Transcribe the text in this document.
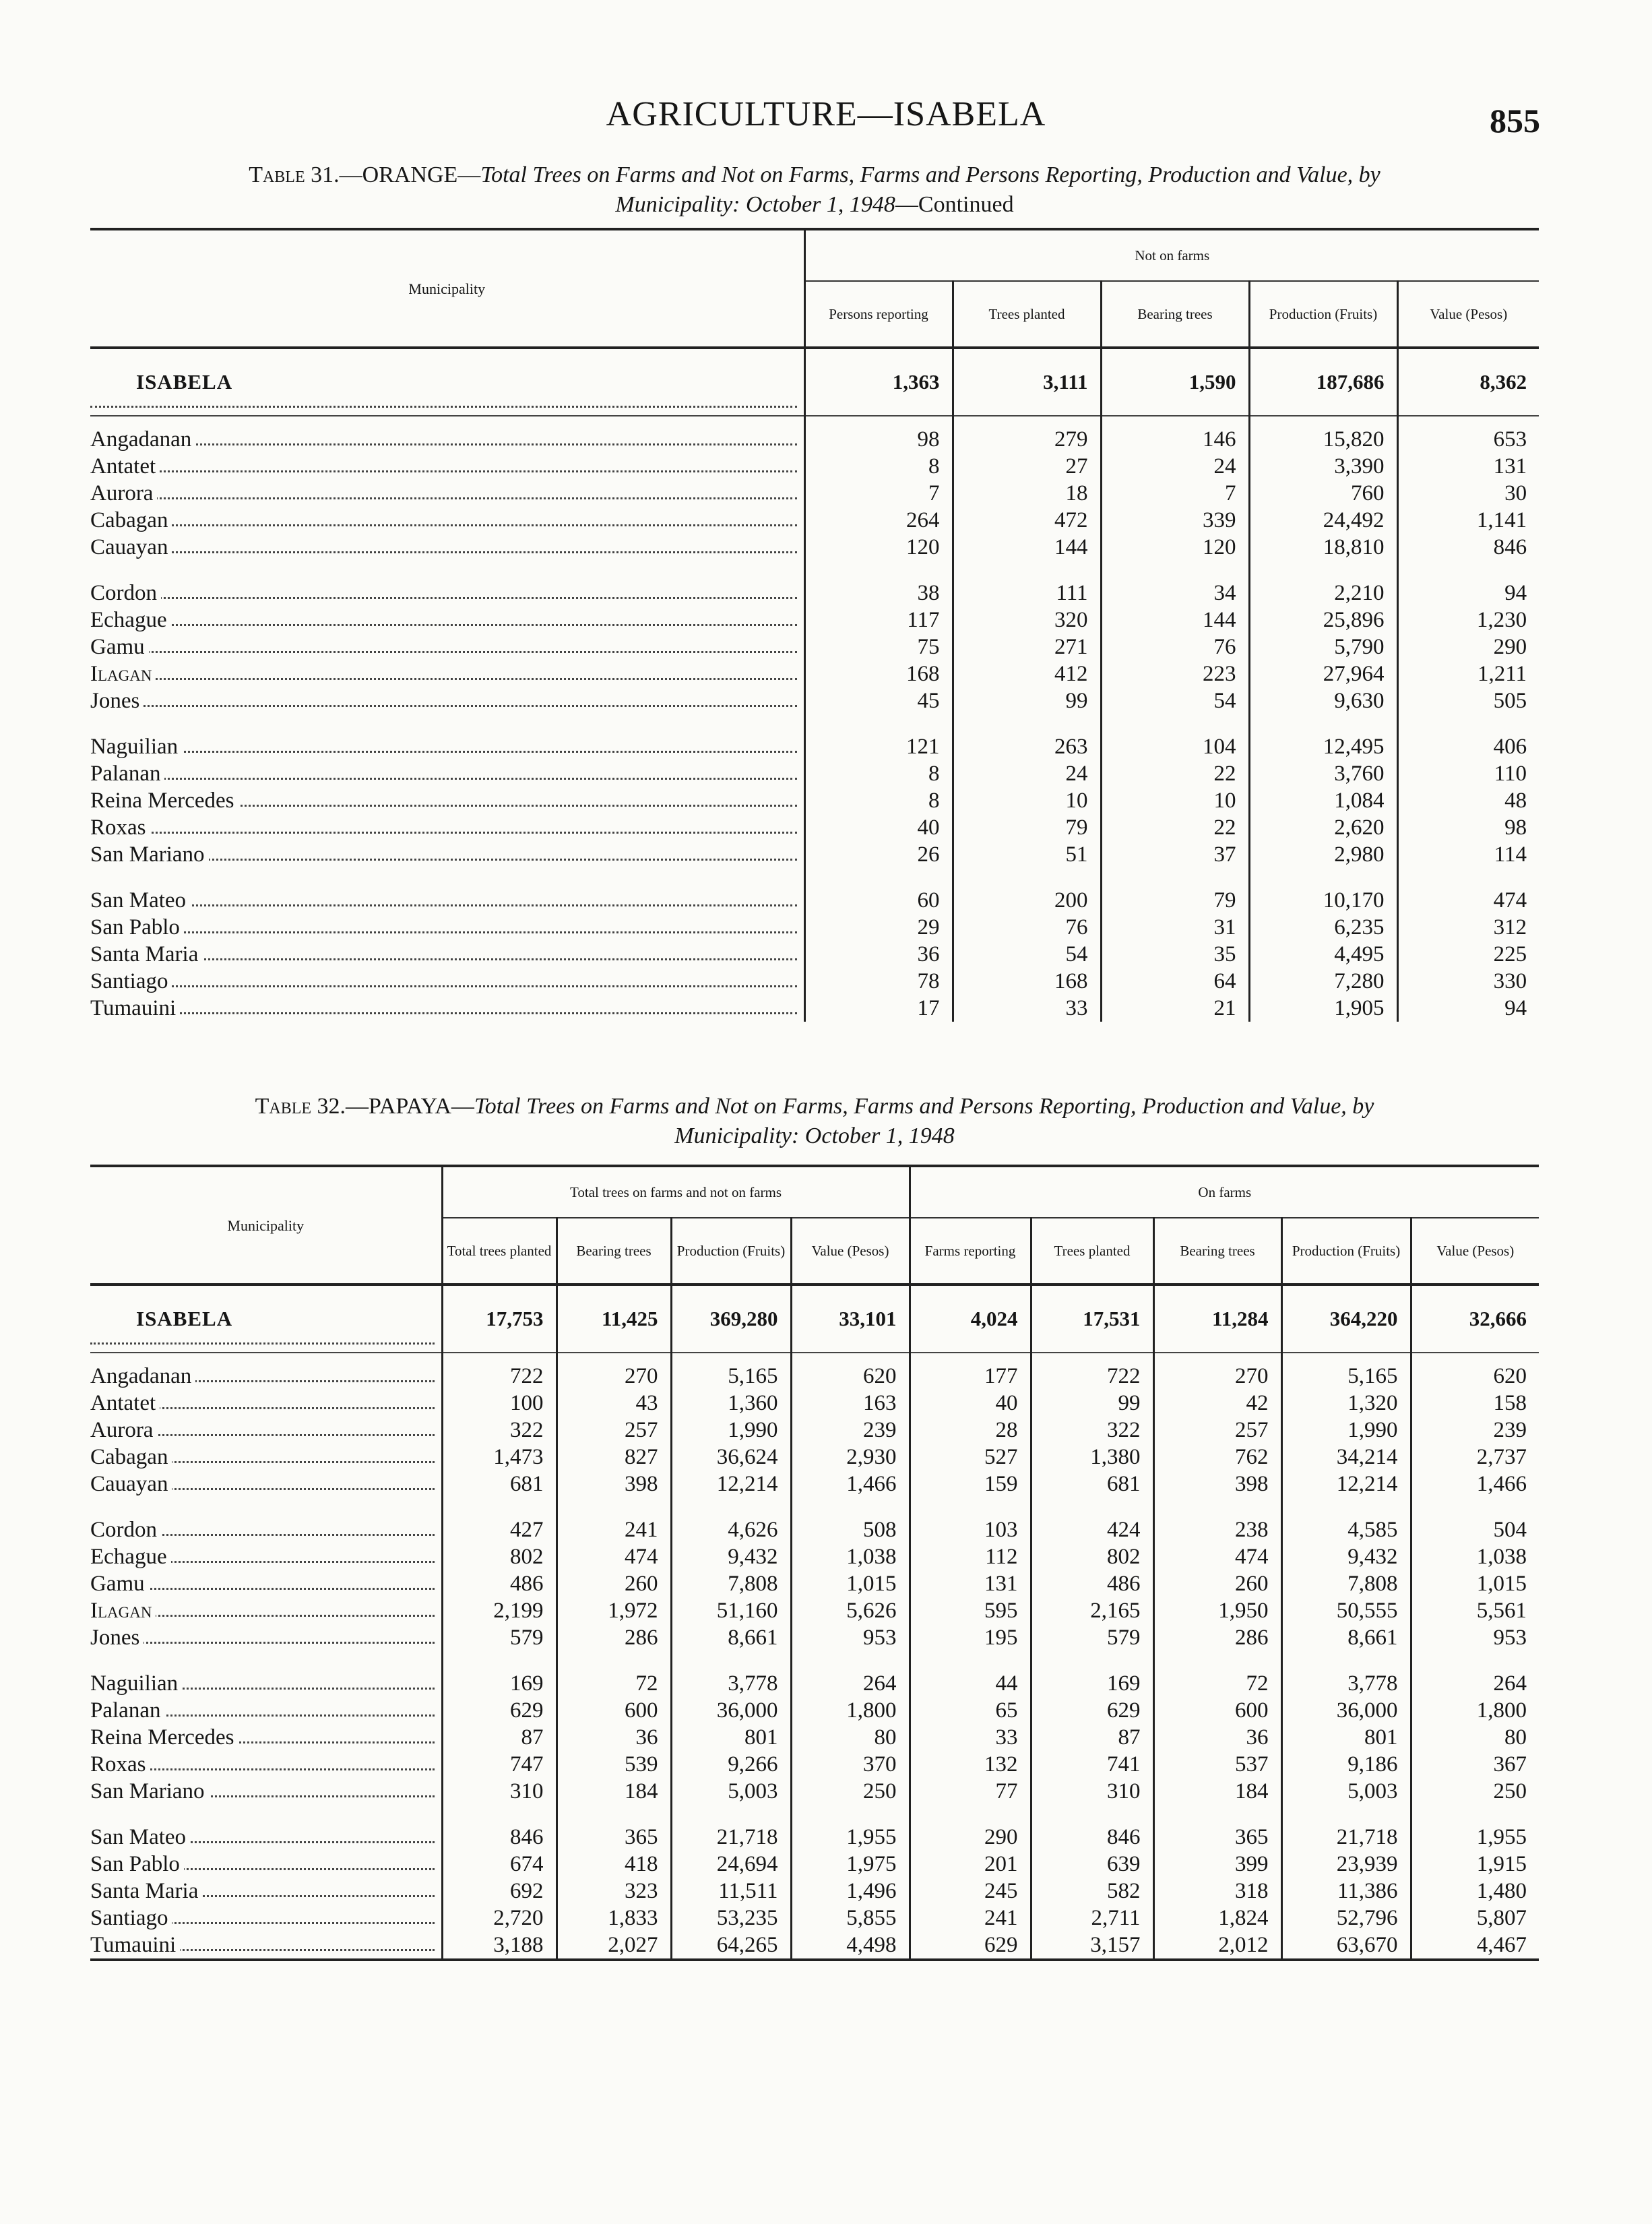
AGRICULTURE—ISABELA	855
Table 31.—ORANGE—Total Trees on Farms and Not on Farms, Farms and Persons Reporting, Production and Value, by
Municipality: October 1, 1948—Continued
Municipality	Not on farms				
	Persons reporting	Trees planted	Bearing trees	Production (Fruits)	Value (Pesos)
ISABELA	1,363	3,111	1,590	187,686	8,362
Angadanan	98	279	146	15,820	653
Antatet	8	27	24	3,390	131
Aurora	7	18	7	760	30
Cabagan	264	472	339	24,492	1,141
Cauayan	120	144	120	18,810	846
Cordon	38	111	34	2,210	94
Echague	117	320	144	25,896	1,230
Gamu	75	271	76	5,790	290
Ilagan	168	412	223	27,964	1,211
Jones	45	99	54	9,630	505
Naguilian	121	263	104	12,495	406
Palanan	8	24	22	3,760	110
Reina Mercedes	8	10	10	1,084	48
Roxas	40	79	22	2,620	98
San Mariano	26	51	37	2,980	114
San Mateo	60	200	79	10,170	474
San Pablo	29	76	31	6,235	312
Santa Maria	36	54	35	4,495	225
Santiago	78	168	64	7,280	330
Tumauini	17	33	21	1,905	94
Table 32.—PAPAYA—Total Trees on Farms and Not on Farms, Farms and Persons Reporting, Production and Value, by
Municipality: October 1, 1948
Municipality	Total trees on farms and not on farms				On farms				
	Total trees planted	Bearing trees	Production (Fruits)	Value (Pesos)	Farms reporting	Trees planted	Bearing trees	Production (Fruits)	Value (Pesos)
ISABELA	17,753	11,425	369,280	33,101	4,024	17,531	11,284	364,220	32,666
Angadanan	722	270	5,165	620	177	722	270	5,165	620
Antatet	100	43	1,360	163	40	99	42	1,320	158
Aurora	322	257	1,990	239	28	322	257	1,990	239
Cabagan	1,473	827	36,624	2,930	527	1,380	762	34,214	2,737
Cauayan	681	398	12,214	1,466	159	681	398	12,214	1,466
Cordon	427	241	4,626	508	103	424	238	4,585	504
Echague	802	474	9,432	1,038	112	802	474	9,432	1,038
Gamu	486	260	7,808	1,015	131	486	260	7,808	1,015
Ilagan	2,199	1,972	51,160	5,626	595	2,165	1,950	50,555	5,561
Jones	579	286	8,661	953	195	579	286	8,661	953
Naguilian	169	72	3,778	264	44	169	72	3,778	264
Palanan	629	600	36,000	1,800	65	629	600	36,000	1,800
Reina Mercedes	87	36	801	80	33	87	36	801	80
Roxas	747	539	9,266	370	132	741	537	9,186	367
San Mariano	310	184	5,003	250	77	310	184	5,003	250
San Mateo	846	365	21,718	1,955	290	846	365	21,718	1,955
San Pablo	674	418	24,694	1,975	201	639	399	23,939	1,915
Santa Maria	692	323	11,511	1,496	245	582	318	11,386	1,480
Santiago	2,720	1,833	53,235	5,855	241	2,711	1,824	52,796	5,807
Tumauini	3,188	2,027	64,265	4,498	629	3,157	2,012	63,670	4,467
